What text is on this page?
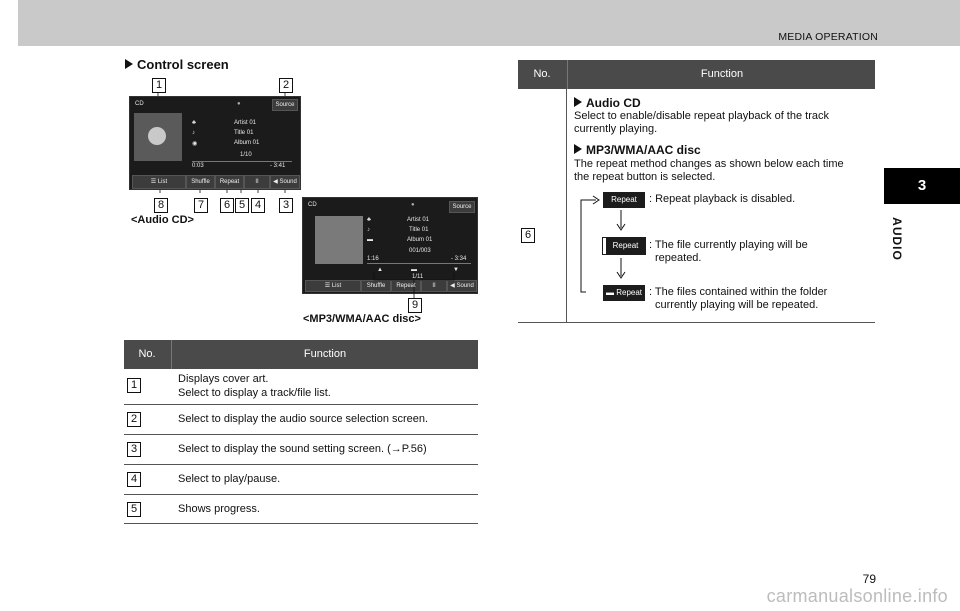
MEDIA OPERATION
3
AUDIO
Control screen
1	2
CD	●	Source
♣	Artist 01
♪	Title 01
◉	Album 01
1/10
0:03	- 3:41
☰ List	Shuffle	Repeat	II	◀ Sound
8	7	6 5 4	3
<Audio CD>
CD	●	Source
♣	Artist 01
♪	Title 01
▬	Album 01
001/003
1:16	- 3:34
▲	▬
1/11
▼
☰ List	Shuffle	Repeat	II	◀ Sound
9
<MP3/WMA/AAC disc>
No.	Function
1	Displays cover art.
Select to display a track/file list.
2	Select to display the audio source selection screen.
3	Select to display the sound setting screen. (→P.56)
4	Select to play/pause.
5	Shows progress.
No.	Function
6
Audio CD
Select to enable/disable repeat playback of the track
currently playing.
MP3/WMA/AAC disc
The repeat method changes as shown below each time
the repeat button is selected.
Repeat	: Repeat playback is disabled.
Repeat : The file currently playing will be
repeated.
▬ Repeat : The files contained within the folder
currently playing will be repeated.
79
carmanualsonline.info
